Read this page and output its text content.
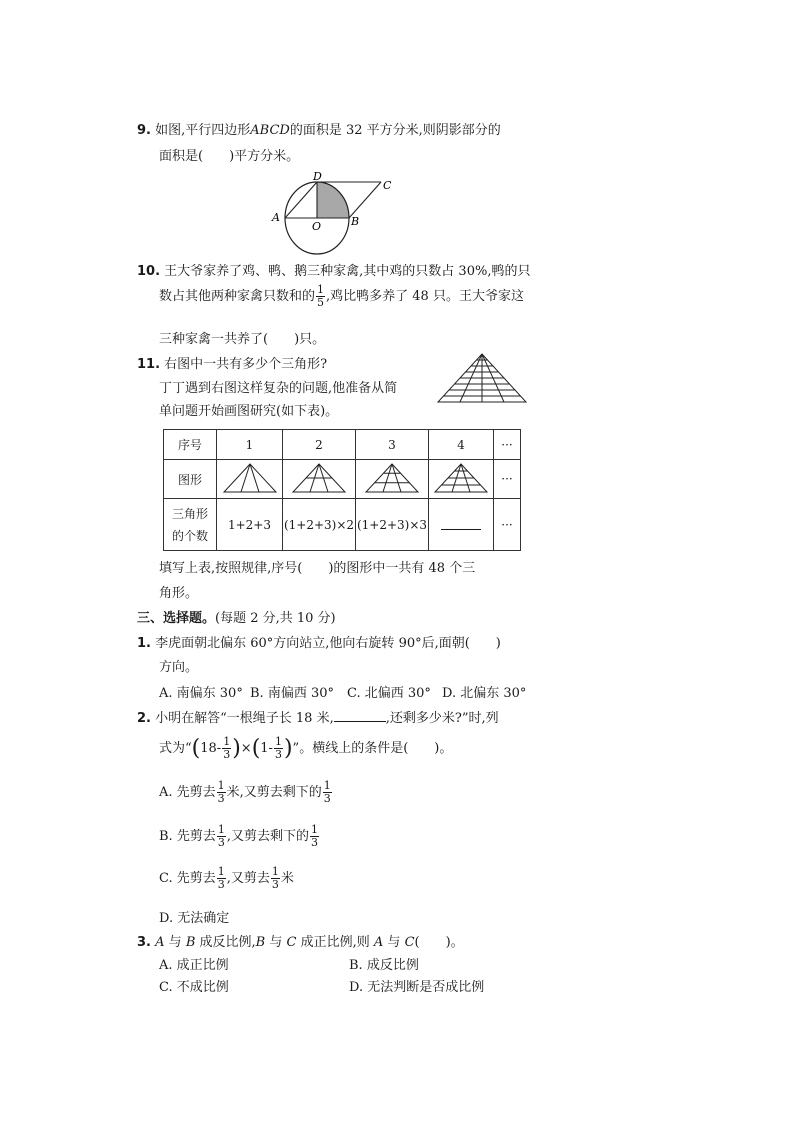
9. 如图,平行四边形ABCD的面积是 32 平方分米,则阴影部分的
面积是(　　)平方分米。
D
C
A	B
O
10. 王大爷家养了鸡、鸭、鹅三种家禽,其中鸡的只数占 30%,鸭的只
数占其他两种家禽只数和的 $\frac{1}{5}$ ,鸡比鸭多养了 48 只。王大爷家这
三种家禽一共养了(　　)只。
11. 右图中一共有多少个三角形?
丁丁遇到右图这样复杂的问题,他准备从简
单问题开始画图研究(如下表)。
序号	1	2	3	4	···
图形					···

三角形
的个数	1+2+3	(1+2+3)×2	(1+2+3)×3		···
填写上表,按照规律,序号(　　)的图形中一共有 48 个三
角形。
三、选择题。(每题 2 分,共 10 分)
1. 李虎面朝北偏东 60°方向站立,他向右旋转 90°后,面朝(　　)
方向。
A. 南偏东 30° B. 南偏西 30° C. 北偏西 30° D. 北偏东 30°
2. 小明在解答“一根绳子长 18 米,	,还剩多少米?”时,列
式为“$(18- \frac{1}{3} )\times(1- \frac{1}{3}$ )”。横线上的条件是(　　)。
A. 先剪去 $\frac{1}{3}$ 米,又剪去剩下的 $\frac{1}{3}$
B. 先剪去 $\frac{1}{3}$ ,又剪去剩下的 $\frac{1}{3}$
C. 先剪去 $\frac{1}{3}$ ,又剪去 $\frac{1}{3}$ 米
D. 无法确定
3. A 与 B 成反比例,B 与 C 成正比例,则 A 与 C(　　)。
A. 成正比例	B. 成反比例
C. 不成比例	D. 无法判断是否成比例
